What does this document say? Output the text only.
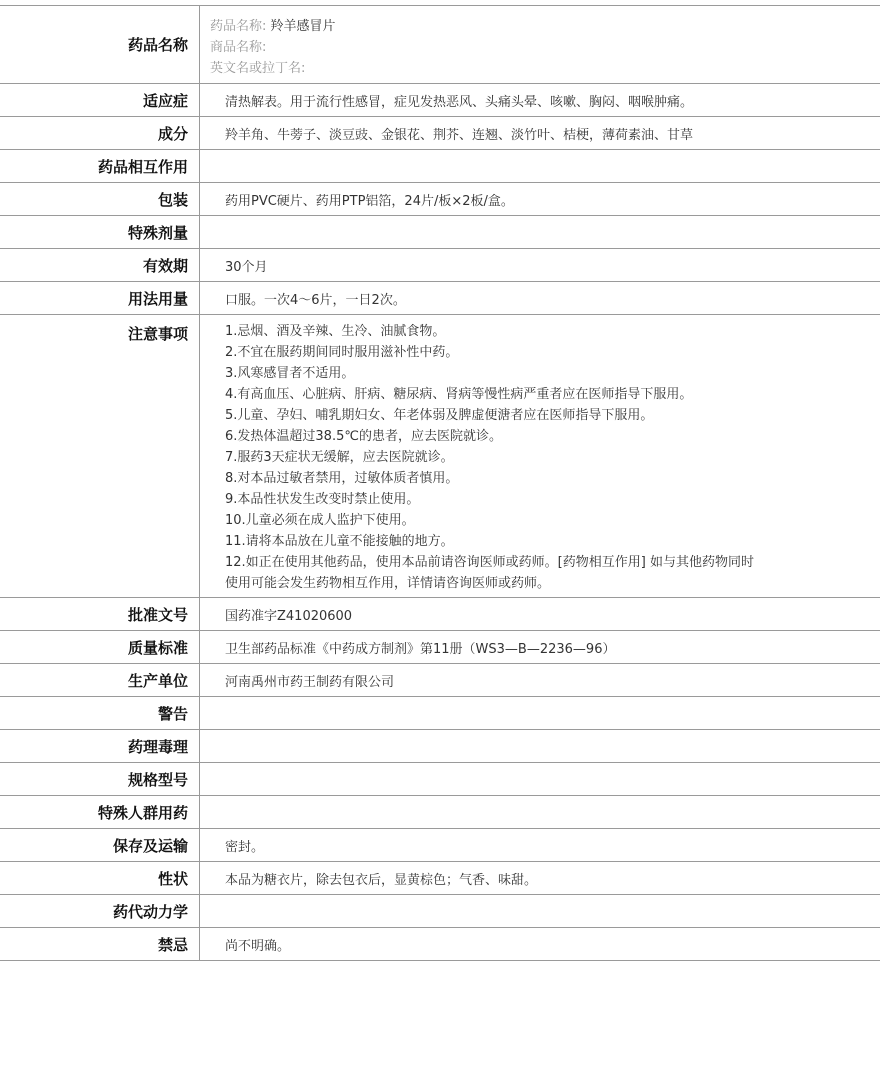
药品名称
药品名称: 羚羊感冒片
商品名称:
英文名或拉丁名:
适应症	清热解表。用于流行性感冒，症见发热恶风、头痛头晕、咳嗽、胸闷、咽喉肿痛。
成分	羚羊角、牛蒡子、淡豆豉、金银花、荆芥、连翘、淡竹叶、桔梗，薄荷素油、甘草
药品相互作用
包装	药用PVC硬片、药用PTP铝箔，24片/板×2板/盒。
特殊剂量
有效期	30个月
用法用量	口服。一次4～6片，一日2次。
注意事项	1.忌烟、酒及辛辣、生冷、油腻食物。
2.不宜在服药期间同时服用滋补性中药。
3.风寒感冒者不适用。
4.有高血压、心脏病、肝病、糖尿病、肾病等慢性病严重者应在医师指导下服用。
5.儿童、孕妇、哺乳期妇女、年老体弱及脾虚便溏者应在医师指导下服用。
6.发热体温超过38.5℃的患者，应去医院就诊。
7.服药3天症状无缓解，应去医院就诊。
8.对本品过敏者禁用，过敏体质者慎用。
9.本品性状发生改变时禁止使用。
10.儿童必须在成人监护下使用。
11.请将本品放在儿童不能接触的地方。
12.如正在使用其他药品，使用本品前请咨询医师或药师。[药物相互作用] 如与其他药物同时使用可能会发生药物相互作用，详情请咨询医师或药师。
批准文号	国药准字Z41020600
质量标准	卫生部药品标准《中药成方制剂》第11册（WS3—B—2236—96）
生产单位	河南禹州市药王制药有限公司
警告
药理毒理
规格型号
特殊人群用药
保存及运输	密封。
性状	本品为糖衣片，除去包衣后，显黄棕色；气香、味甜。
药代动力学
禁忌	尚不明确。
